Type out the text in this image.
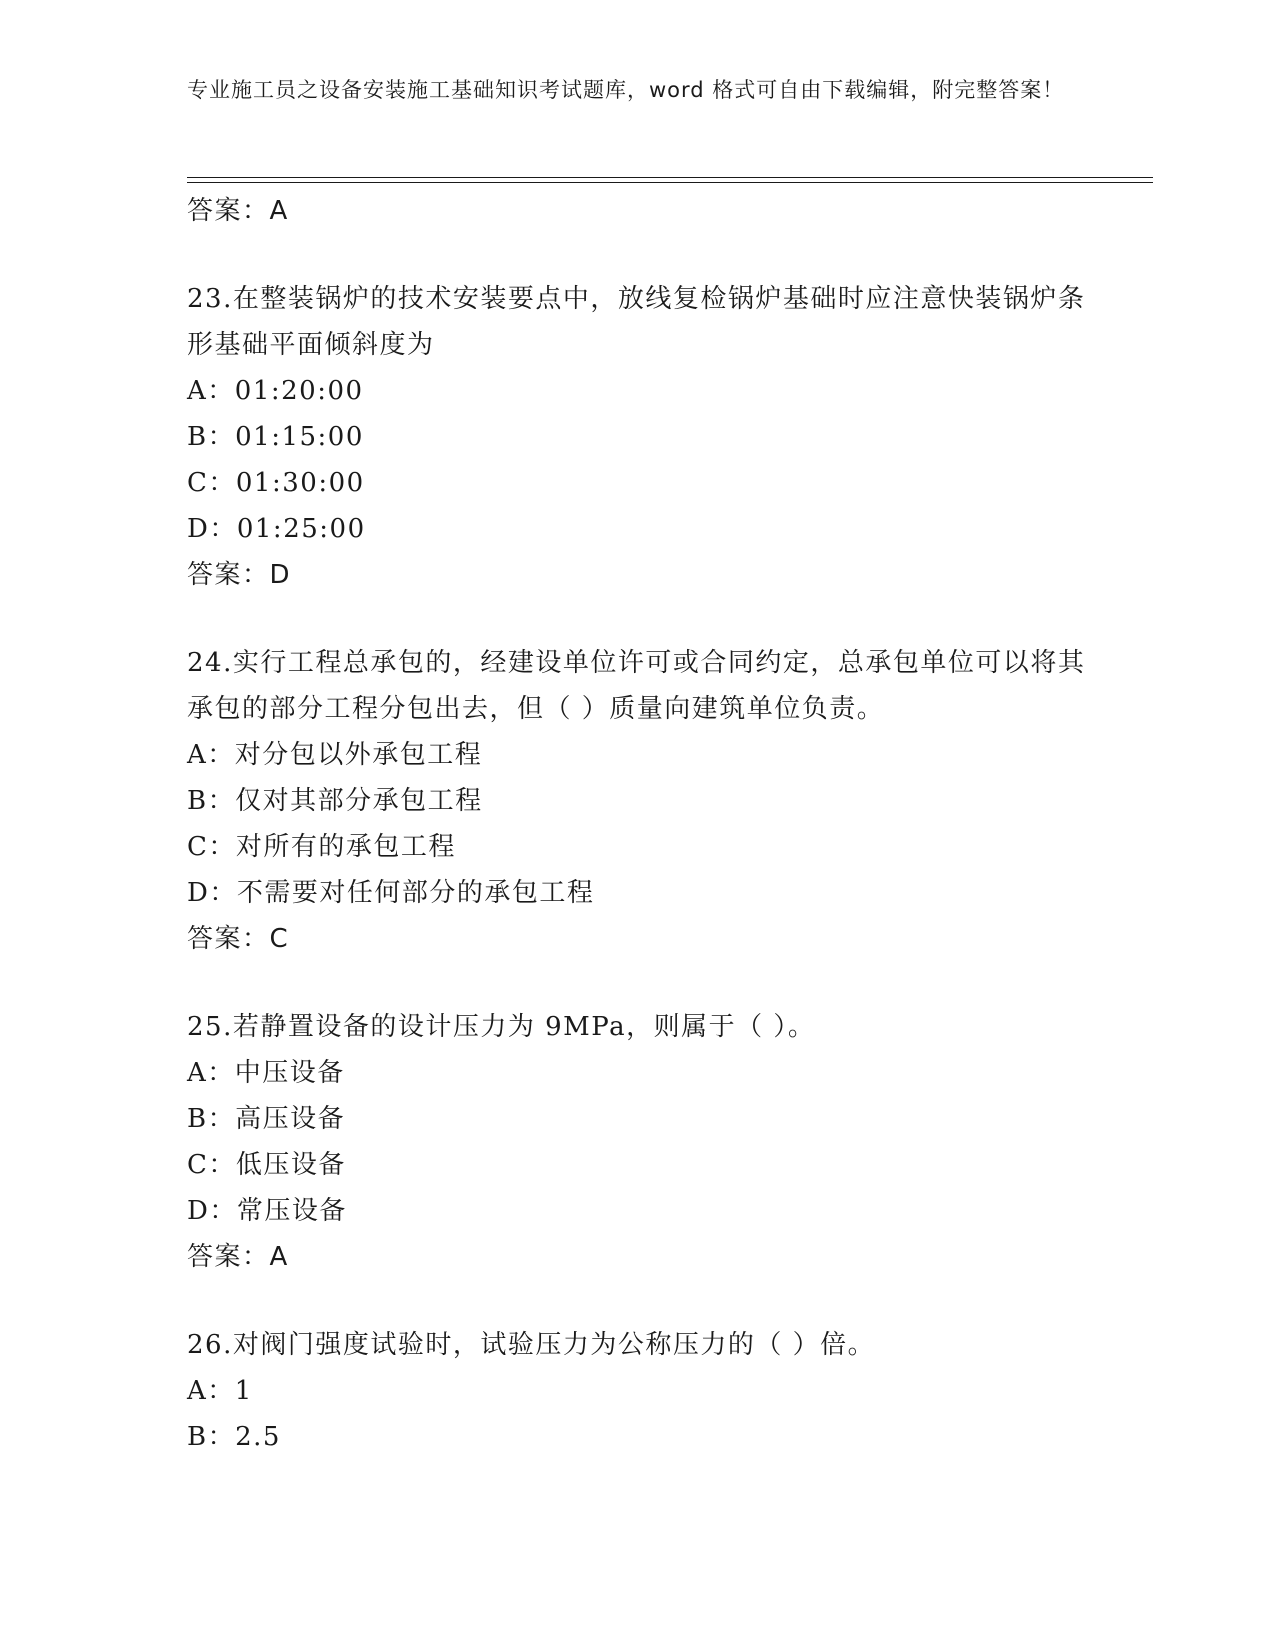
专业施工员之设备安装施工基础知识考试题库，word 格式可自由下载编辑，附完整答案！
答案：A
23.在整装锅炉的技术安装要点中，放线复检锅炉基础时应注意快装锅炉条形基础平面倾斜度为
A：01:20:00
B：01:15:00
C：01:30:00
D：01:25:00
答案：D
24.实行工程总承包的，经建设单位许可或合同约定，总承包单位可以将其承包的部分工程分包出去，但（ ）质量向建筑单位负责。
A：对分包以外承包工程
B：仅对其部分承包工程
C：对所有的承包工程
D：不需要对任何部分的承包工程
答案：C
25.若静置设备的设计压力为 9MPa，则属于（ ）。
A：中压设备
B：高压设备
C：低压设备
D：常压设备
答案：A
26.对阀门强度试验时，试验压力为公称压力的（ ）倍。
A：1
B：2.5
